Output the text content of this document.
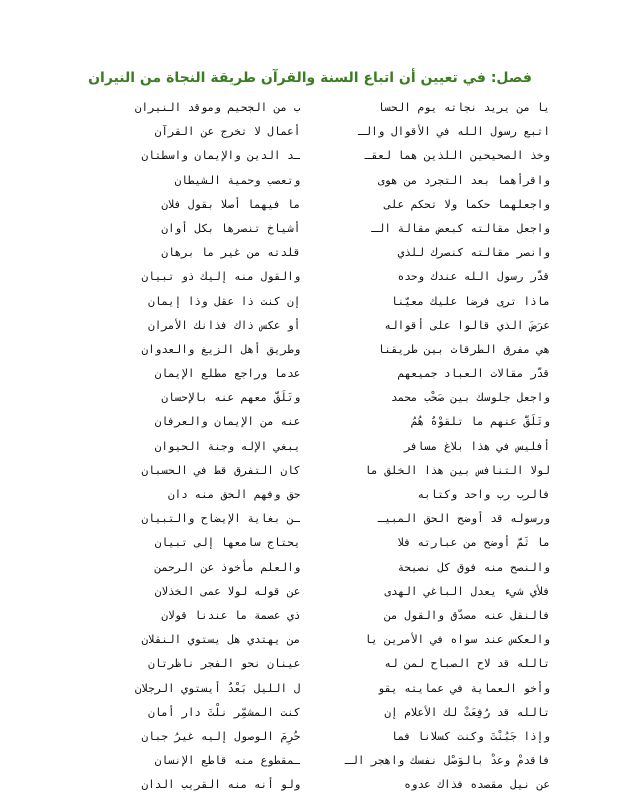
فصل: في تعيين أن اتباع السنة والقرآن طريقة النجاة من النيران
يا من يريد نجاته يوم الحسا
ب من الجحيم وموقد النيران
اتبع رسول الله في الأقوال والـ
أعمال لا تخرج عن القرآن
وخذ الصحيحين اللذين هما لعقـ
ـد الدين والإيمان واسطتان
واقرأهما بعد التجرد من هوى
وتعصب وحمية الشيطان
واجعلهما حكما ولا تحكم على
ما فيهما أصلا بقول فلان
واجعل مقالته كبعض مقالة الـ
أشياخ تنصرها بكل أوان
وانصر مقالته كنصرك للذي
قلدته من غير ما برهان
قدّر رسول الله عندك وحده
والقول منه إليك ذو تبيان
ماذا ترى فرضا عليك معيّنا
إن كنت ذا عقل وذا إيمان
عرَضَ الذي قالوا على أقواله
أو عكس ذاك فذانك الأمران
هي مفرق الطرقات بين طريقنا
وطريق أهل الزيغ والعدوان
قدّر مقالات العباد جميعهم
عدما وراجع مطلع الإيمان
واجعل جلوسك بين صَحْب محمد
وتَلَقَّ معهم عنه بالإحسان
وتَلَقَّ عنهم ما تلقوْهُ هُمُ
عنه من الإيمان والعرفان
أفليس في هذا بلاغ مسافر
يبغي الإله وجنة الحيوان
لولا التنافس بين هذا الخلق ما
كان التفرق قط في الحسبان
فالرب رب واحد وكتابه
حق وفهم الحق منه دان
ورسوله قد أوضح الحق المبيـ
ـن بغاية الإيضاح والتبيان
ما ثَمَّ أوضح من عبارته فلا
يحتاج سامعها إلى تبيان
والنصح منه فوق كل نصيحة
والعلم مأخوذ عن الرحمن
فلأي شيء يعدل الباغي الهدى
عن قوله لولا عمى الخذلان
فالنقل عنه مصدّق والقول من
ذي عصمة ما عندنا قولان
والعكس عند سواه في الأمرين يا
من يهتدي هل يستوي النقلان
تالله قد لاح الصباح لمن له
عينان نحو الفجر ناظرتان
وأخو العماية في عمايته يقو
ل الليل بَعْدُ أيستوي الرجلان
تالله قد رُفِعَتْ لك الأعلام إن
كنت المشمِّر نلْتَ دار أمان
وإذا جَبُنْتَ وكنت كسلانا فما
حُرِمَ الوصول إليه غيرُ جبان
فاقدمْ وعدْ بالوَصْل نفسك واهجر الـ
ـمقطوع منه قاطع الإنسان
عن نيل مقصده فذاك عدوه
ولو أنه منه القريب الدان
